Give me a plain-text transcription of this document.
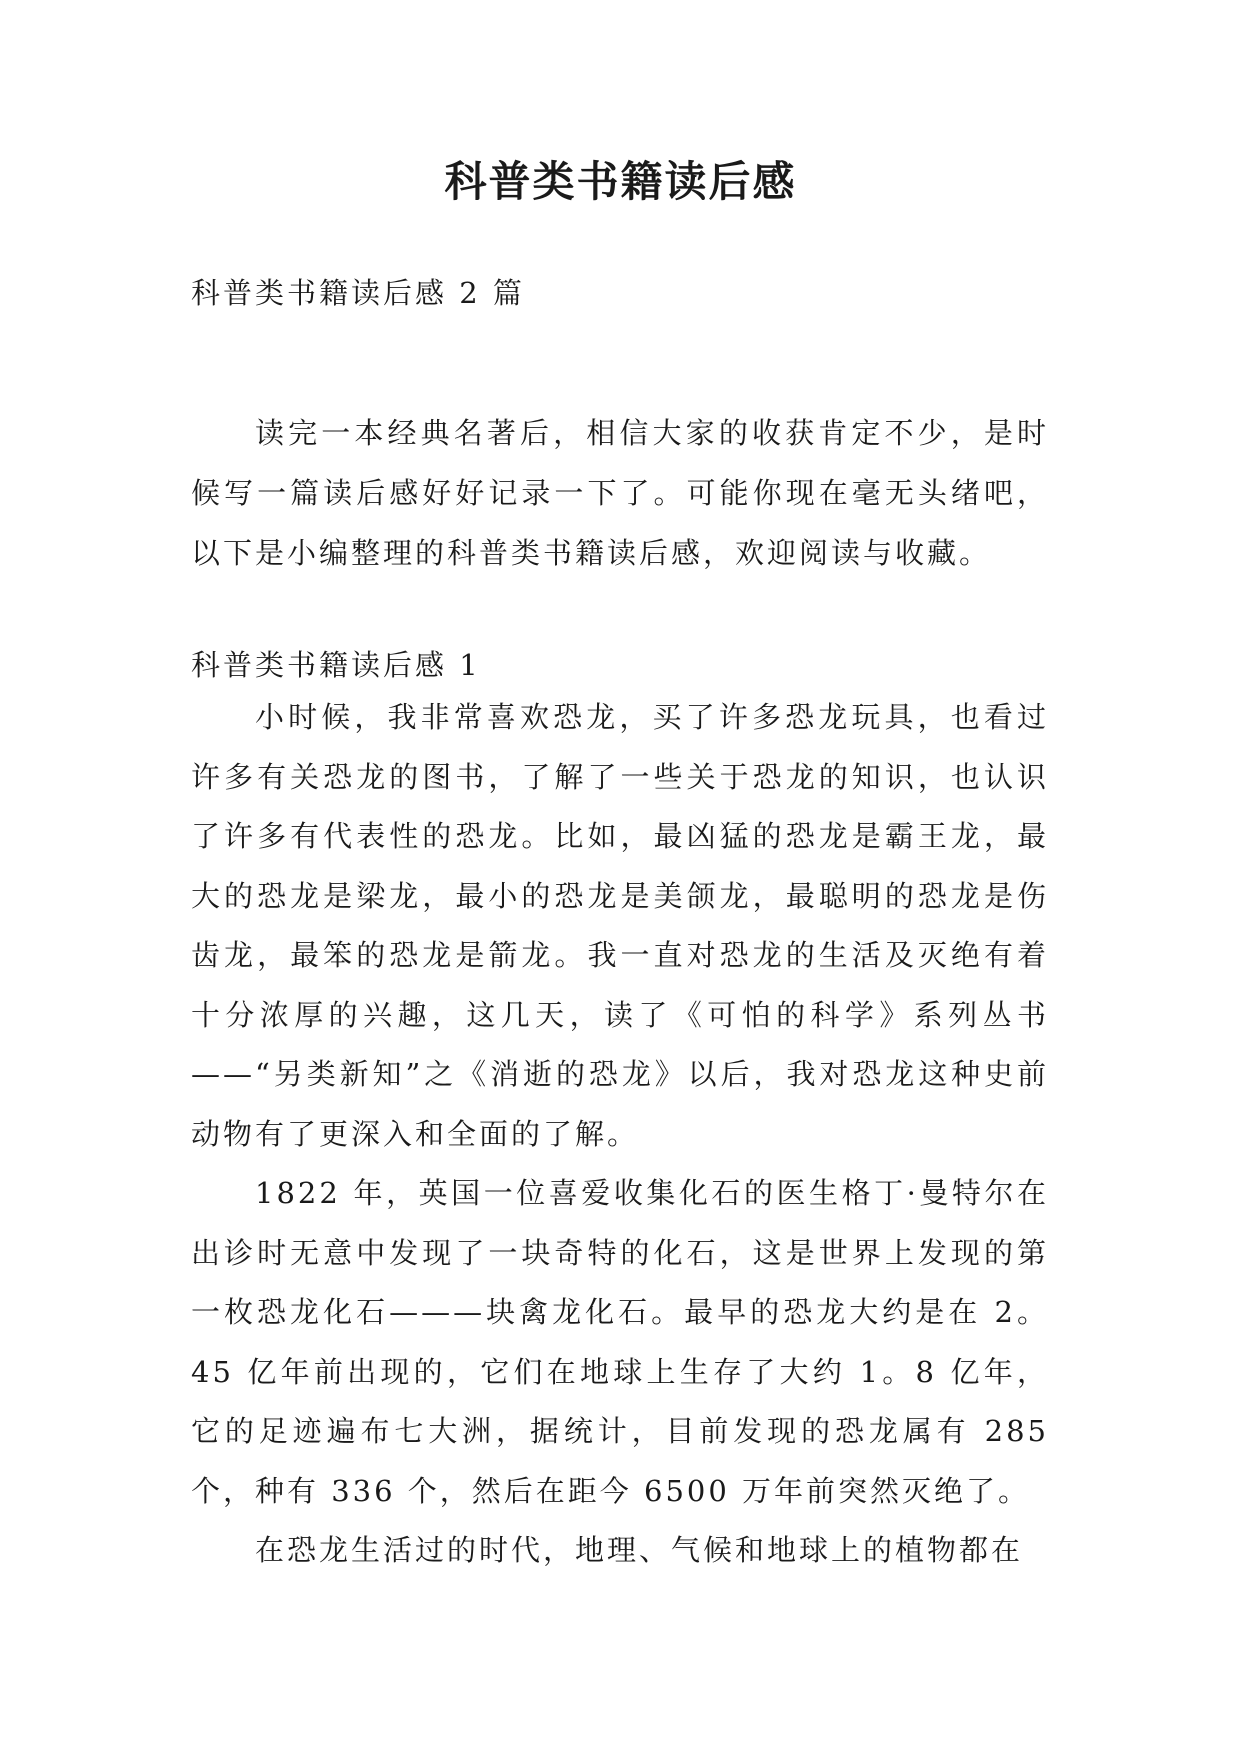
科普类书籍读后感
科普类书籍读后感 2 篇
读完一本经典名著后，相信大家的收获肯定不少，是时候写一篇读后感好好记录一下了。可能你现在毫无头绪吧，以下是小编整理的科普类书籍读后感，欢迎阅读与收藏。
科普类书籍读后感 1

小时候，我非常喜欢恐龙，买了许多恐龙玩具，也看过许多有关恐龙的图书，了解了一些关于恐龙的知识，也认识了许多有代表性的恐龙。比如，最凶猛的恐龙是霸王龙，最大的恐龙是梁龙，最小的恐龙是美颌龙，最聪明的恐龙是伤齿龙，最笨的恐龙是箭龙。我一直对恐龙的生活及灭绝有着十分浓厚的兴趣，这几天，读了《可怕的科学》系列丛书——“另类新知”之《消逝的恐龙》以后，我对恐龙这种史前动物有了更深入和全面的了解。

1822 年，英国一位喜爱收集化石的医生格丁·曼特尔在出诊时无意中发现了一块奇特的化石，这是世界上发现的第一枚恐龙化石———块禽龙化石。最早的恐龙大约是在 2。45 亿年前出现的，它们在地球上生存了大约 1。8 亿年，它的足迹遍布七大洲，据统计，目前发现的恐龙属有 285 个，种有 336 个，然后在距今 6500 万年前突然灭绝了。

在恐龙生活过的时代，地理、气候和地球上的植物都在
